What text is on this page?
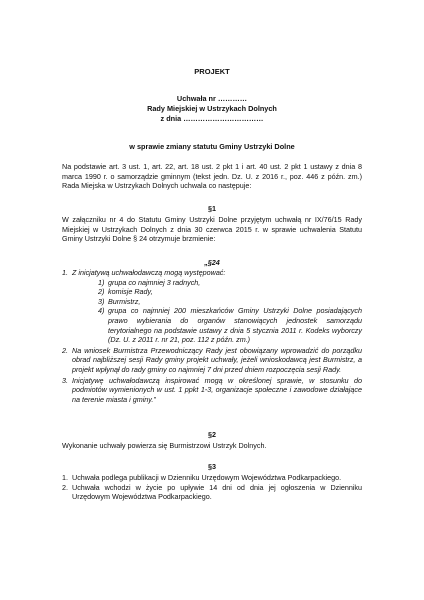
PROJEKT
Uchwała nr …………
Rady Miejskiej w Ustrzykach Dolnych
z dnia ……………………………
w sprawie zmiany statutu Gminy Ustrzyki Dolne
Na podstawie art. 3 ust. 1, art. 22, art. 18 ust. 2 pkt 1 i art. 40 ust. 2 pkt 1 ustawy z dnia 8 marca 1990 r. o samorządzie gminnym (tekst jedn. Dz. U. z 2016 r., poz. 446 z późn. zm.) Rada Miejska w Ustrzykach Dolnych uchwala co następuje:
§1
W załączniku nr 4 do Statutu Gminy Ustrzyki Dolne przyjętym uchwałą nr IX/76/15 Rady Miejskiej w Ustrzykach Dolnych z dnia 30 czerwca 2015 r. w sprawie uchwalenia Statutu Gminy Ustrzyki Dolne § 24 otrzymuje brzmienie:
„§24
1. Z inicjatywą uchwałodawczą mogą występować:
1) grupa co najmniej 3 radnych,
2) komisje Rady,
3) Burmistrz,
4) grupa co najmniej 200 mieszkańców Gminy Ustrzyki Dolne posiadających prawo wybierania do organów stanowiących jednostek samorządu terytorialnego na podstawie ustawy z dnia 5 stycznia 2011 r. Kodeks wyborczy (Dz. U. z 2011 r. nr 21, poz. 112 z późn. zm.)
2. Na wniosek Burmistrza Przewodniczący Rady jest obowiązany wprowadzić do porządku obrad najbliższej sesji Rady gminy projekt uchwały, jeżeli wnioskodawcą jest Burmistrz, a projekt wpłynął do rady gminy co najmniej 7 dni przed dniem rozpoczęcia sesji Rady.
3. Inicjatywę uchwałodawczą inspirować mogą w określonej sprawie, w stosunku do podmiotów wymienionych w ust. 1 ppkt 1-3, organizacje społeczne i zawodowe działające na terenie miasta i gminy.”
§2
Wykonanie uchwały powierza się Burmistrzowi Ustrzyk Dolnych.
§3
1. Uchwała podlega publikacji w Dzienniku Urzędowym Województwa Podkarpackiego.
2. Uchwała wchodzi w życie po upływie 14 dni od dnia jej ogłoszenia w Dzienniku Urzędowym Województwa Podkarpackiego.
